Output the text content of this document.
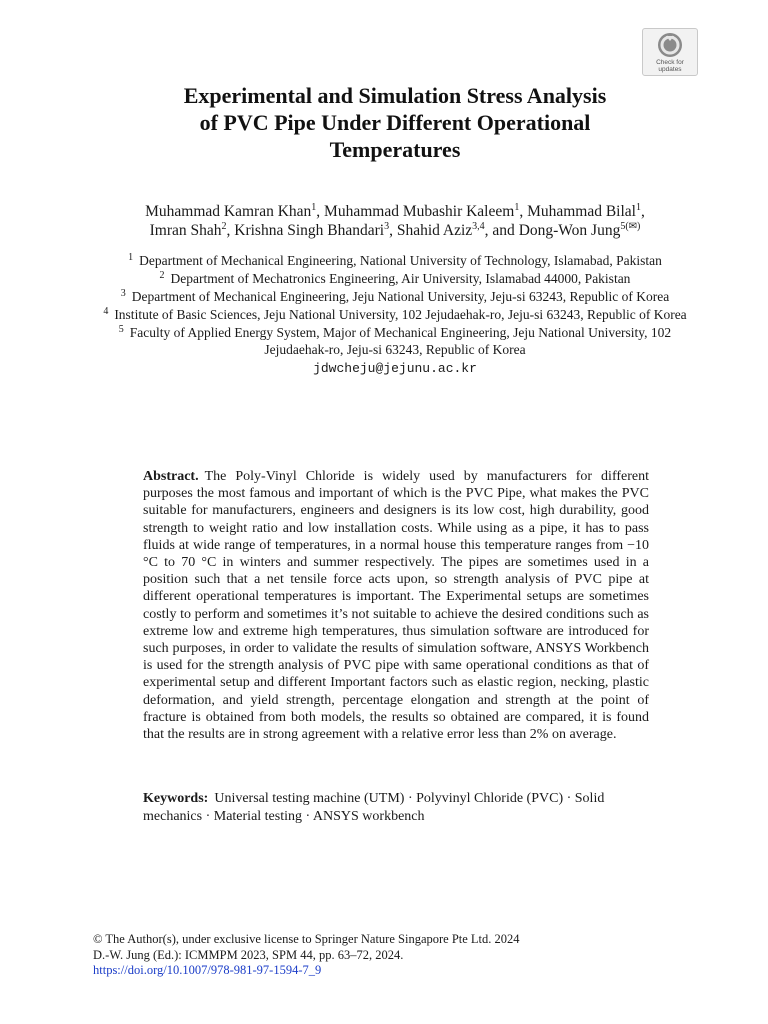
Check for
updates
Experimental and Simulation Stress Analysis
of PVC Pipe Under Different Operational
Temperatures
Muhammad Kamran Khan$^1$, Muhammad Mubashir Kaleem$^1$, Muhammad Bilal$^1$,
Imran Shah$^2$, Krishna Singh Bhandari$^3$, Shahid Aziz$^{3,4}$, and Dong-Won Jung$^{5(✉)}$
$^1$ Department of Mechanical Engineering, National University of Technology, Islamabad, Pakistan
$^2$ Department of Mechatronics Engineering, Air University, Islamabad 44000, Pakistan
$^3$ Department of Mechanical Engineering, Jeju National University, Jeju-si 63243, Republic of Korea
$^4$ Institute of Basic Sciences, Jeju National University, 102 Jejudaehak-ro, Jeju-si 63243, Republic of Korea
$^5$ Faculty of Applied Energy System, Major of Mechanical Engineering, Jeju National University, 102 Jejudaehak-ro, Jeju-si 63243, Republic of Korea
jdwcheju@jejunu.ac.kr
Abstract. The Poly-Vinyl Chloride is widely used by manufacturers for different purposes the most famous and important of which is the PVC Pipe, what makes the PVC suitable for manufacturers, engineers and designers is its low cost, high durability, good strength to weight ratio and low installation costs. While using as a pipe, it has to pass fluids at wide range of temperatures, in a normal house this temperature ranges from −10 °C to 70 °C in winters and summer respectively. The pipes are sometimes used in a position such that a net tensile force acts upon, so strength analysis of PVC pipe at different operational temperatures is important. The Experimental setups are sometimes costly to perform and sometimes it’s not suitable to achieve the desired conditions such as extreme low and extreme high temperatures, thus simulation software are introduced for such purposes, in order to validate the results of simulation software, ANSYS Workbench is used for the strength analysis of PVC pipe with same operational conditions as that of experimental setup and different Important factors such as elastic region, necking, plastic deformation, and yield strength, percentage elongation and strength at the point of fracture is obtained from both models, the results so obtained are compared, it is found that the results are in strong agreement with a relative error less than 2% on average.
Keywords: Universal testing machine (UTM) · Polyvinyl Chloride (PVC) · Solid mechanics · Material testing · ANSYS workbench
© The Author(s), under exclusive license to Springer Nature Singapore Pte Ltd. 2024
D.-W. Jung (Ed.): ICMMPM 2023, SPM 44, pp. 63–72, 2024.
https://doi.org/10.1007/978-981-97-1594-7_9
